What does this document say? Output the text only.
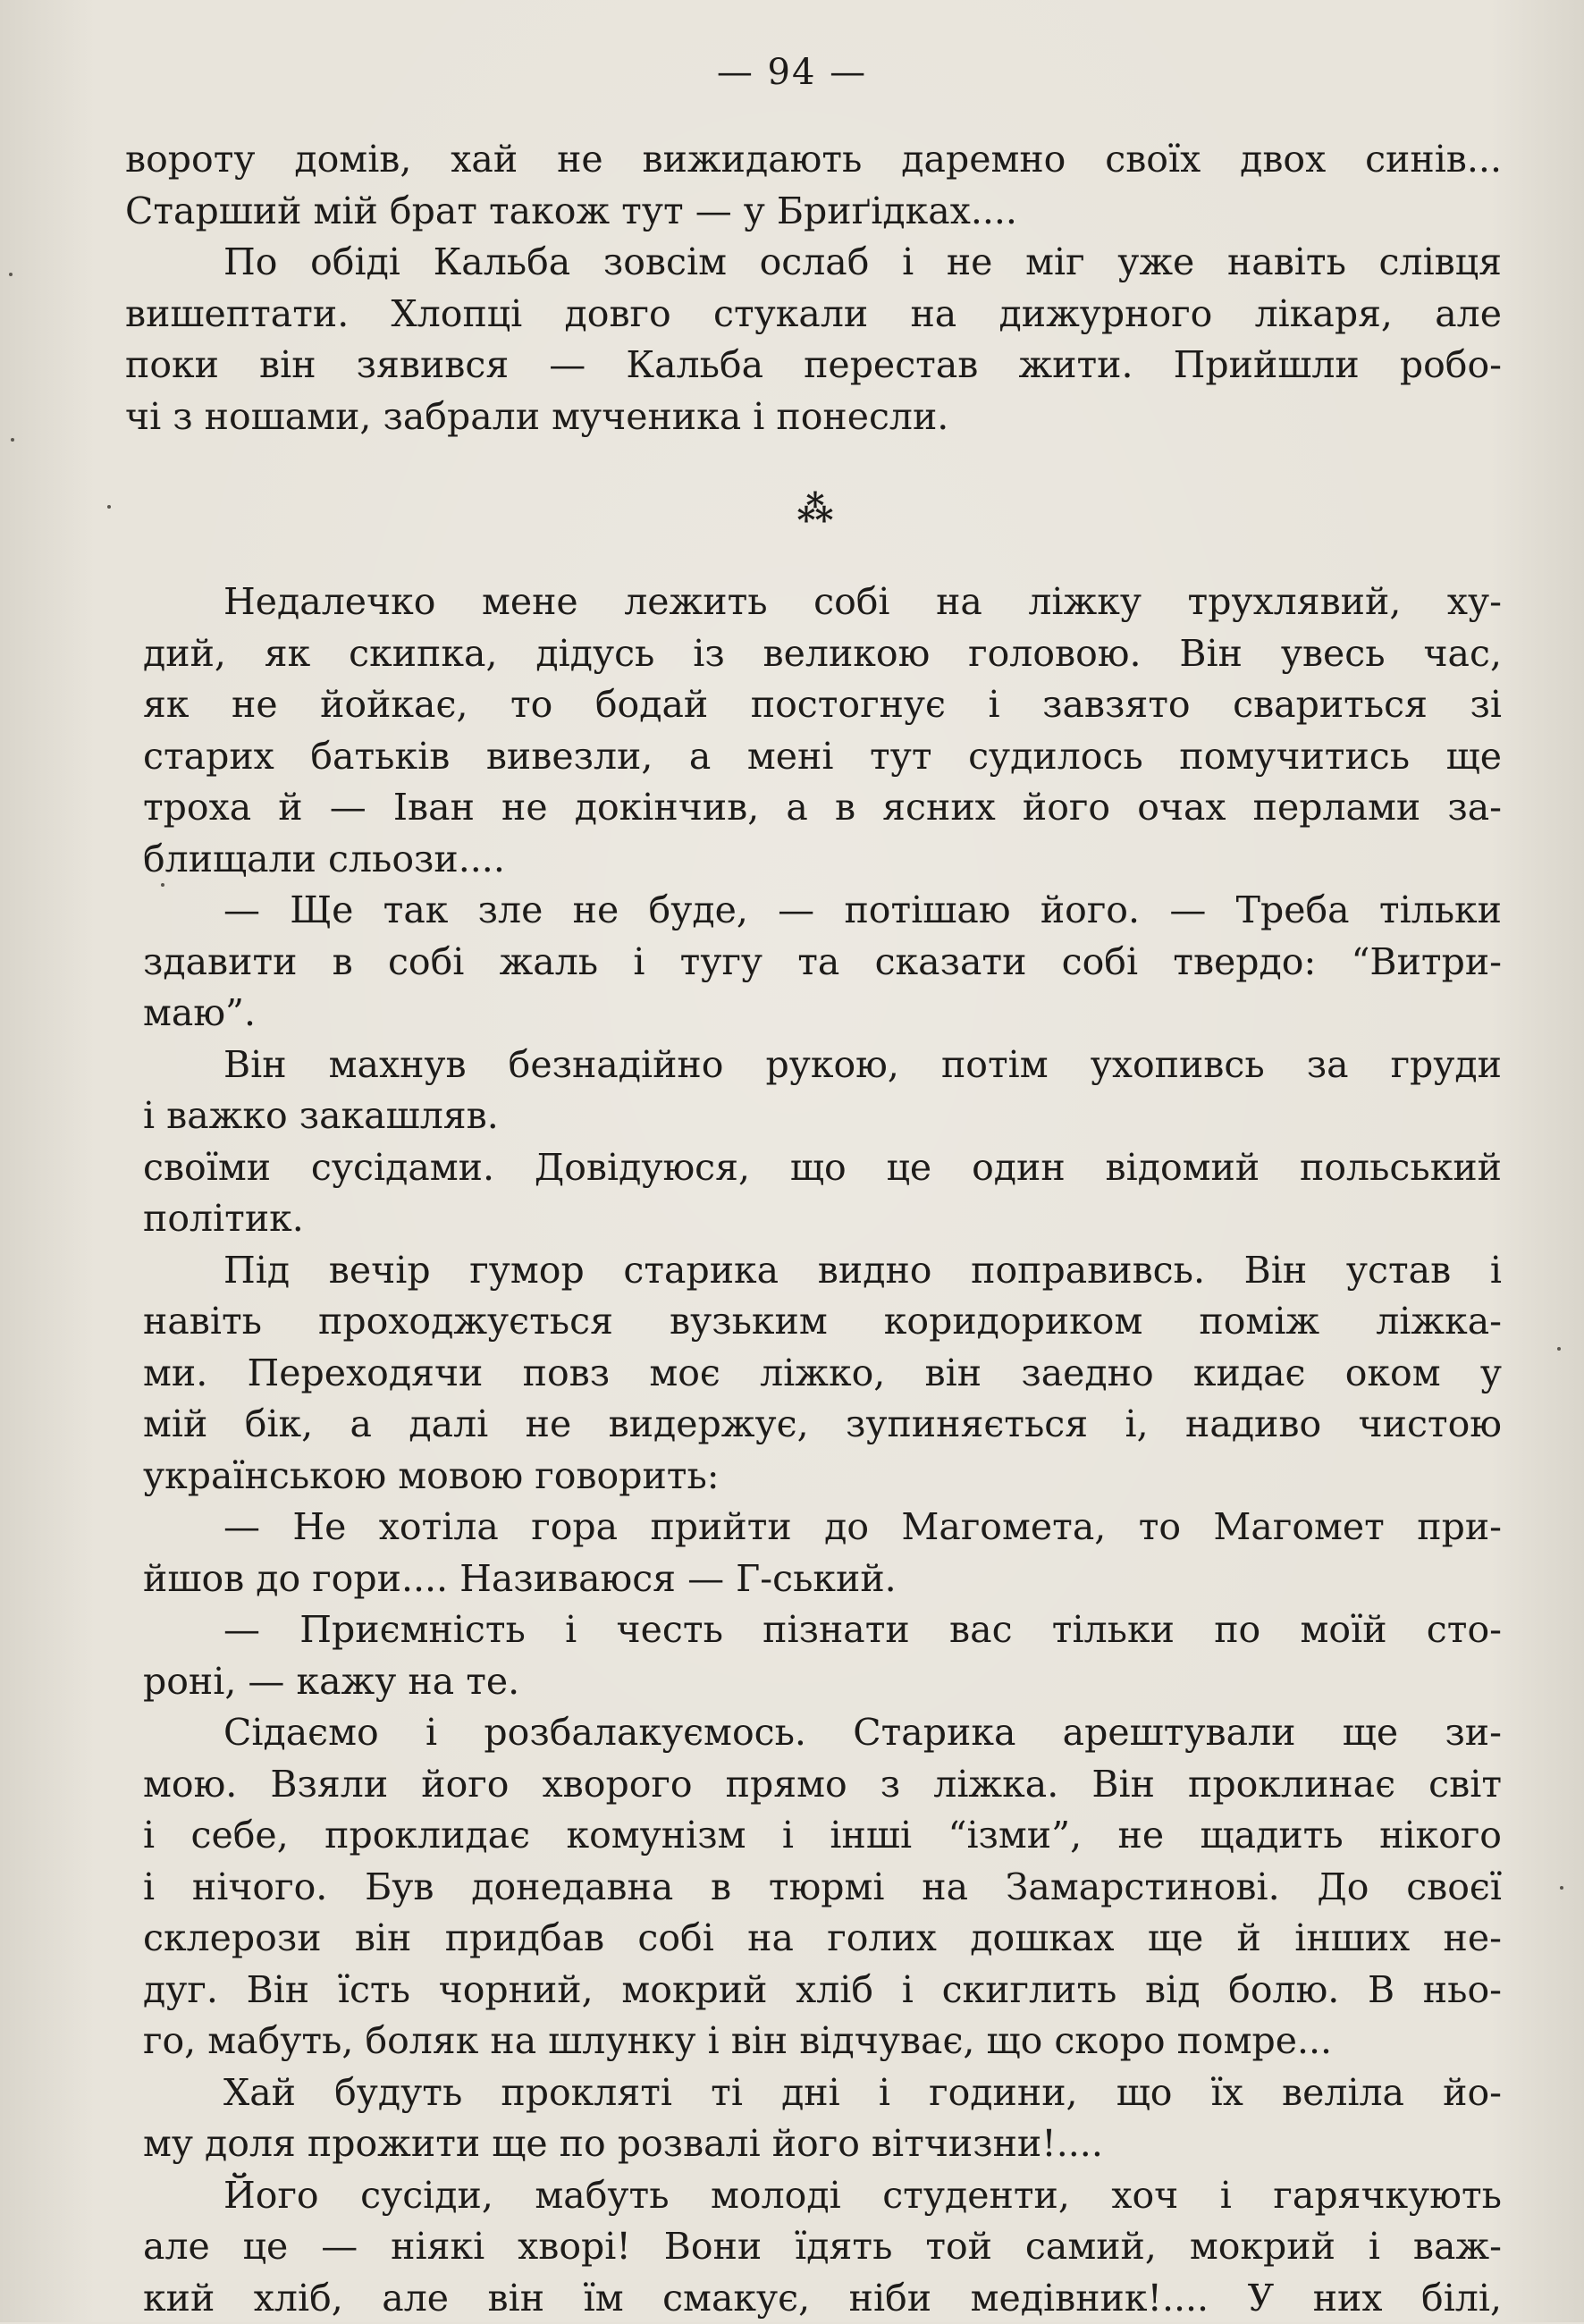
— 94 —
вороту домів, хай не вижидають даремно своїх двох синів...
Старший мій брат також тут — у Бриґідках....
По обіді Кальба зовсім ослаб і не міг уже навіть слівця
вишептати. Хлопці довго стукали на дижурного лікаря, але
поки він зявився — Кальба перестав жити. Прийшли робо-
чі з ношами, забрали мученика і понесли.
⁂
Недалечко мене лежить собі на ліжку трухлявий, ху-
дий, як скипка, дідусь із великою головою. Він увесь час,
як не йойкає, то бодай постогнує і завзято свариться зі
старих батьків вивезли, а мені тут судилось помучитись ще
троха й — Іван не докінчив, а в ясних його очах перлами за-
блищали сльози....
— Ще так зле не буде, — потішаю його. — Треба тільки
здавити в собі жаль і тугу та сказати собі твердо: “Витри-
маю”.
Він махнув безнадійно рукою, потім ухопивсь за груди
і важко закашляв.
своїми сусідами. Довідуюся, що це один відомий польський
політик.
Під вечір гумор старика видно поправивсь. Він устав і
навіть проходжується вузьким коридориком поміж ліжка-
ми. Переходячи повз моє ліжко, він заедно кидає оком у
мій бік, а далі не видержує, зупиняється і, надиво чистою
українською мовою говорить:
— Не хотіла гора прийти до Магомета, то Магомет при-
йшов до гори.... Називаюся — Г-ський.
— Приємність і честь пізнати вас тільки по моїй сто-
роні, — кажу на те.
Сідаємо і розбалакуємось. Старика арештували ще зи-
мою. Взяли його хворого прямо з ліжка. Він проклинає світ
і себе, проклидає комунізм і інші “ізми”, не щадить нікого
і нічого. Був донедавна в тюрмі на Замарстинові. До своєї
склерози він придбав собі на голих дошках ще й інших не-
дуг. Він їсть чорний, мокрий хліб і скиглить від болю. В ньо-
го, мабуть, боляк на шлунку і він відчуває, що скоро помре...
Хай будуть прокляті ті дні і години, що їх веліла йо-
му доля прожити ще по розвалі його вітчизни!....
Його сусіди, мабуть молоді студенти, хоч і гарячкують
але це — ніякі хворі! Вони їдять той самий, мокрий і важ-
кий хліб, але він їм смакує, ніби медівник!.... У них білі,
